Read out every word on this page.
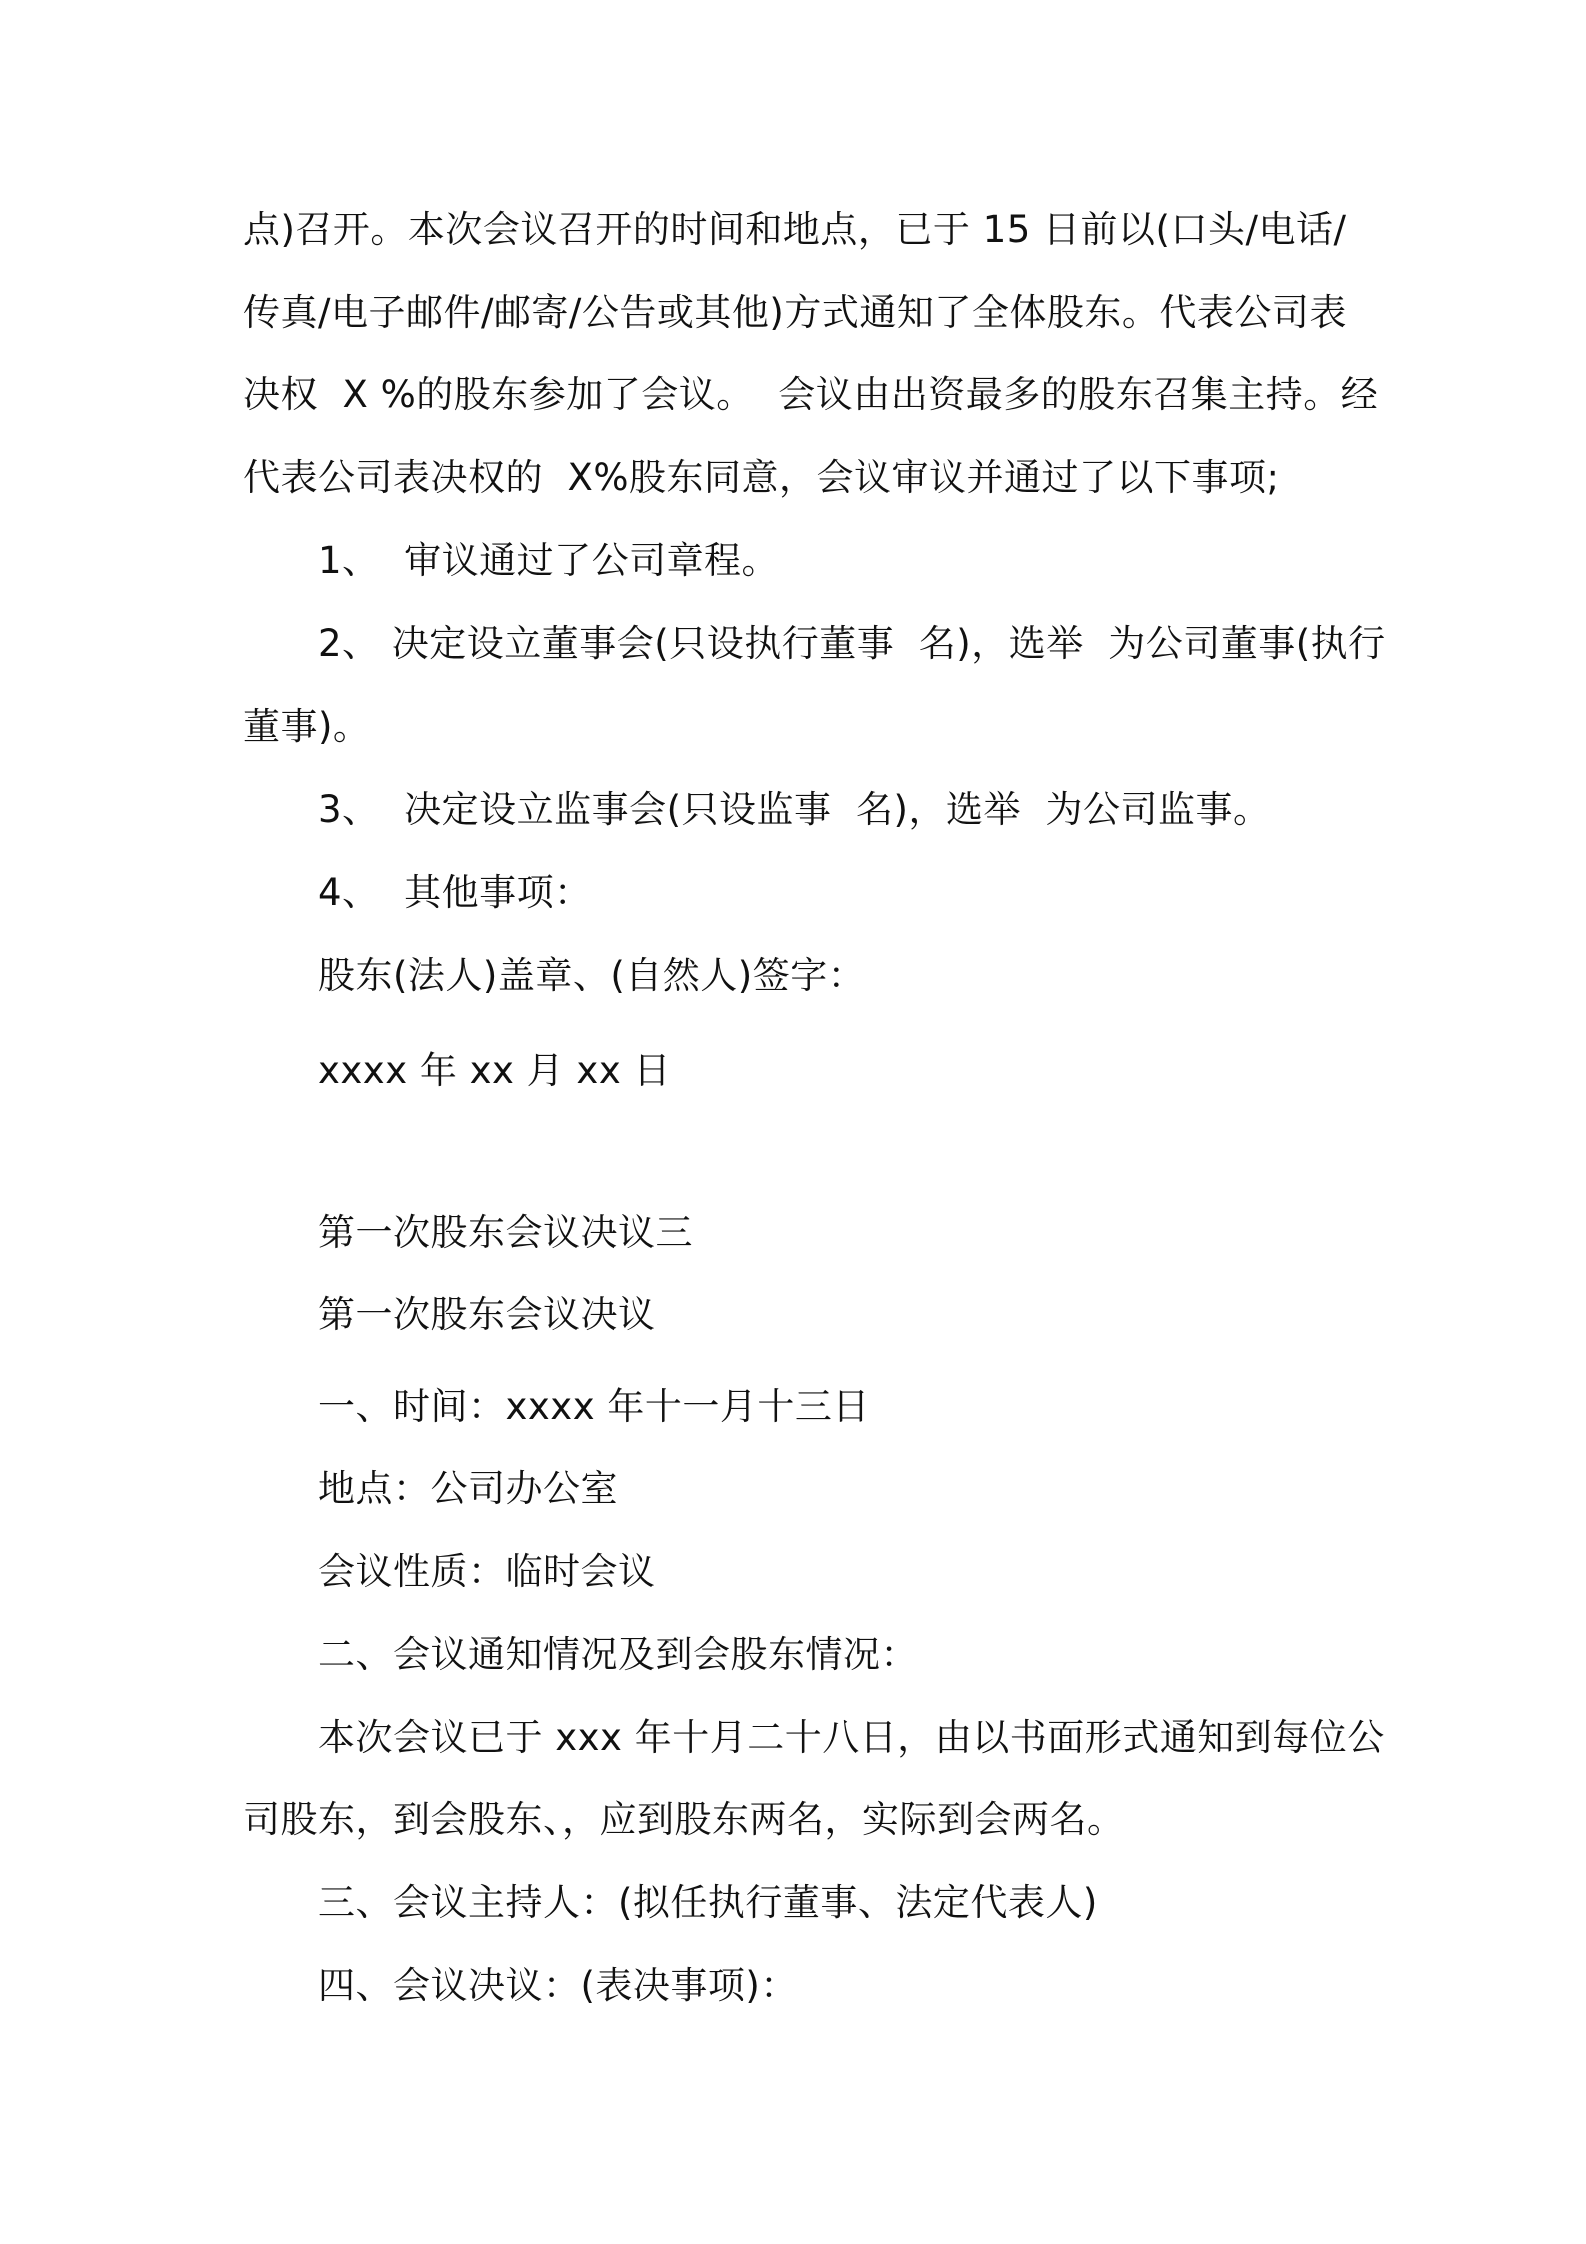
点)召开。本次会议召开的时间和地点，已于 15 日前以(口头/电话/
传真/电子邮件/邮寄/公告或其他)方式通知了全体股东。代表公司表
决权  X %的股东参加了会议。  会议由出资最多的股东召集主持。经
代表公司表决权的  X%股东同意，会议审议并通过了以下事项;
1、  审议通过了公司章程。
2、 决定设立董事会(只设执行董事  名)，选举  为公司董事(执行
董事)。
3、  决定设立监事会(只设监事  名)，选举  为公司监事。
4、  其他事项：
股东(法人)盖章、(自然人)签字：
xxxx 年 xx 月 xx 日
第一次股东会议决议三
第一次股东会议决议
一、时间：xxxx 年十一月十三日
地点：公司办公室
会议性质：临时会议
二、会议通知情况及到会股东情况：
本次会议已于 xxx 年十月二十八日，由以书面形式通知到每位公
司股东，到会股东、，应到股东两名，实际到会两名。
三、会议主持人：(拟任执行董事、法定代表人)
四、会议决议：(表决事项)：
